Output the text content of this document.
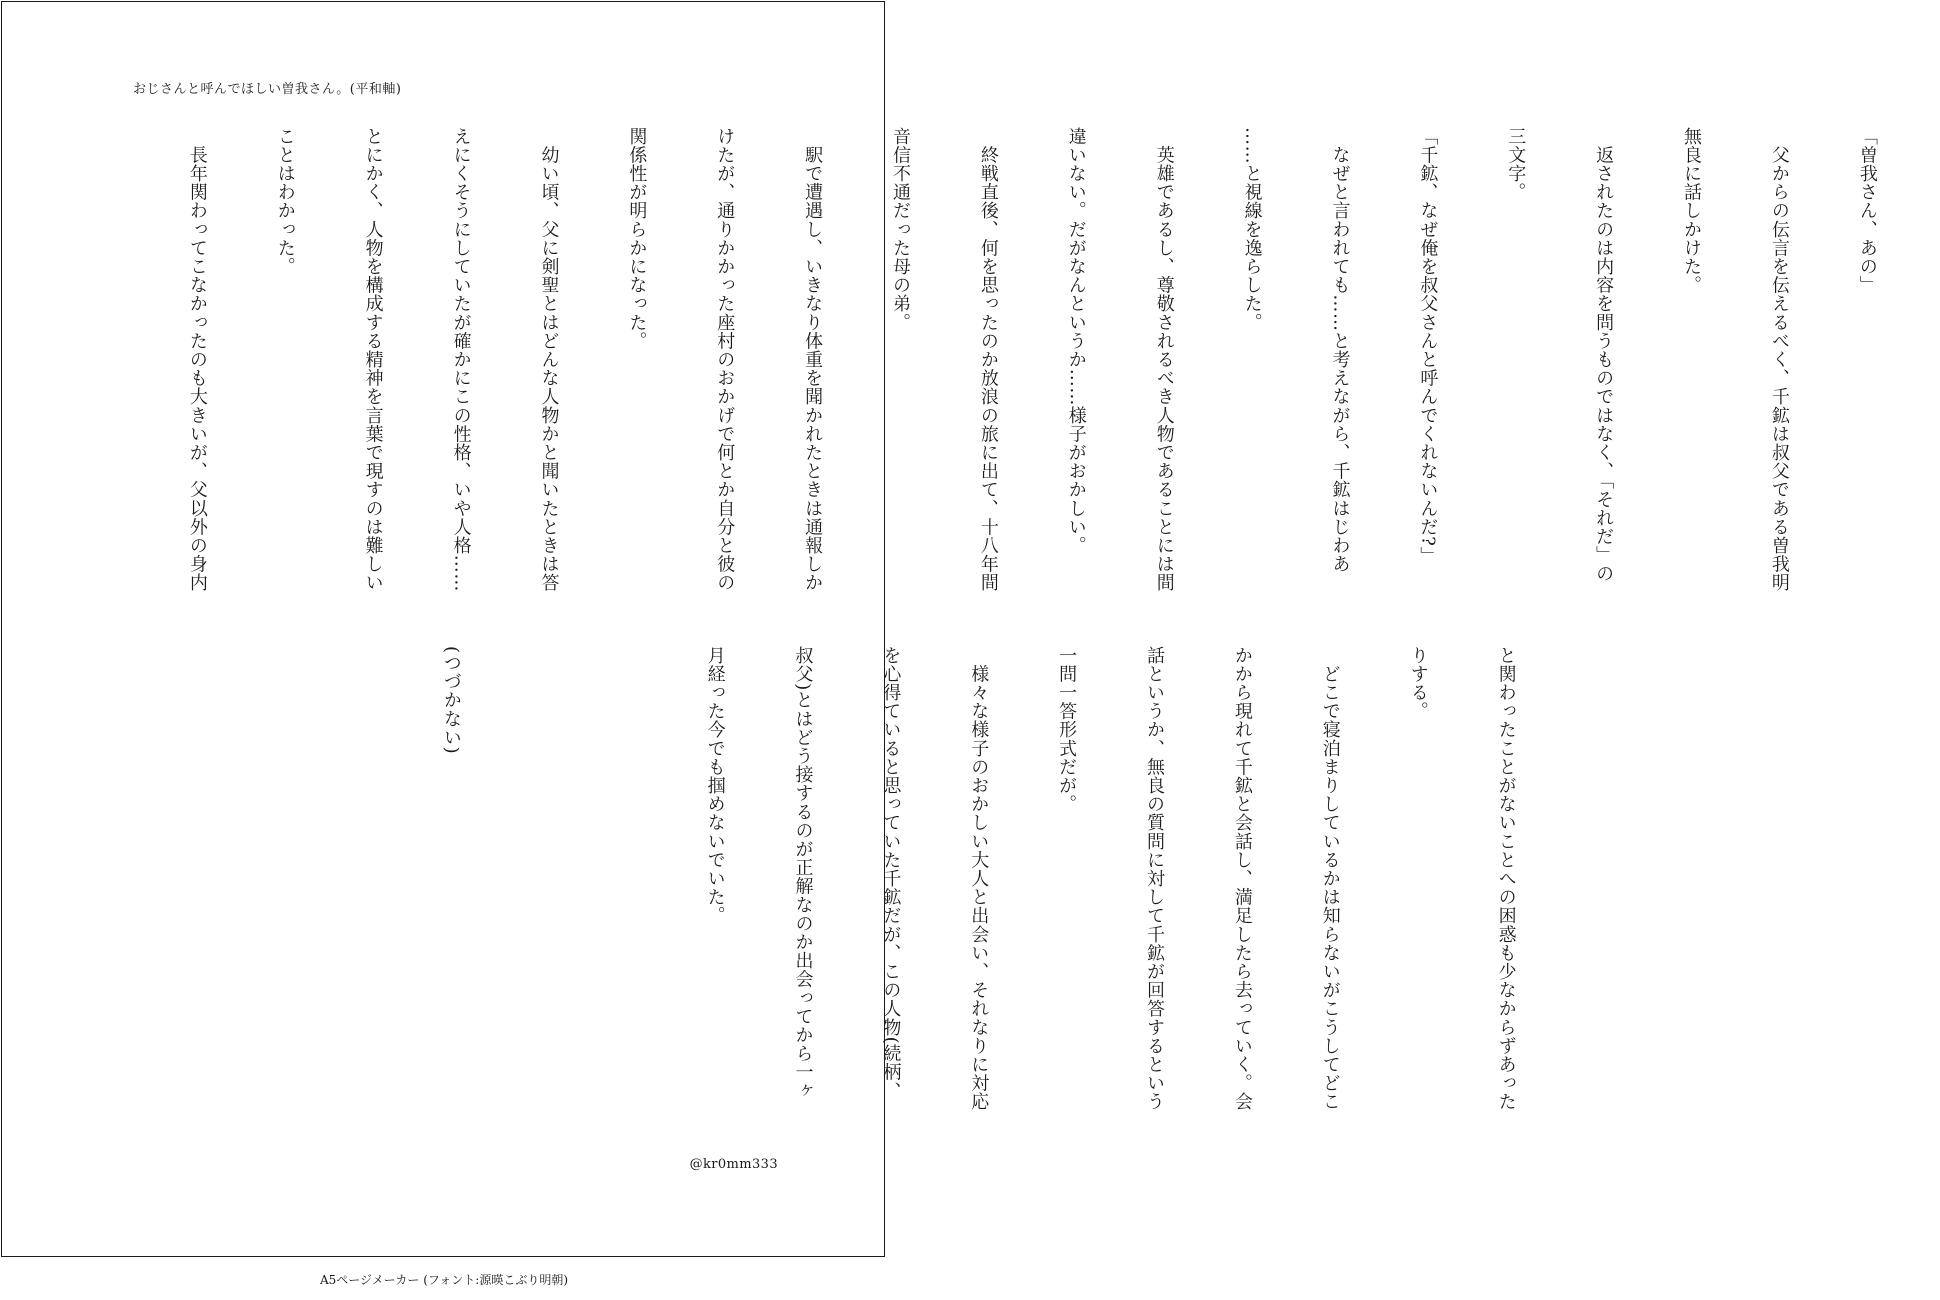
おじさんと呼んでほしい曽我さん。(平和軸)

「曽我さん、あの」

　父からの伝言を伝えるべく、千鉱は叔父である曽我明

無良に話しかけた。

　返されたのは内容を問うものではなく、「それだ」の

三文字。

「千鉱、なぜ俺を叔父さんと呼んでくれないんだ?」

　なぜと言われても……と考えながら、千鉱はじわあ

……と視線を逸らした。

　英雄であるし、尊敬されるべき人物であることには間

違いない。だがなんというか……様子がおかしい。

　終戦直後、何を思ったのか放浪の旅に出て、十八年間

音信不通だった母の弟。

　駅で遭遇し、いきなり体重を聞かれたときは通報しか

けたが、通りかかった座村のおかげで何とか自分と彼の

関係性が明らかになった。

　幼い頃、父に剣聖とはどんな人物かと聞いたときは答

えにくそうにしていたが確かにこの性格、いや人格……

とにかく、人物を構成する精神を言葉で現すのは難しい

ことはわかった。

　長年関わってこなかったのも大きいが、父以外の身内

と関わったことがないことへの困惑も少なからずあった

りする。

　どこで寝泊まりしているかは知らないがこうしてどこ

かから現れて千鉱と会話し、満足したら去っていく。会

話というか、無良の質問に対して千鉱が回答するという

一問一答形式だが。

　様々な様子のおかしい大人と出会い、それなりに対応

を心得ていると思っていた千鉱だが、この人物(続柄、

叔父)とはどう接するのが正解なのか出会ってから一ヶ

月経った今でも掴めないでいた。

(つづかない)

@kr0mm333
A5ページメーカー (フォント:源暎こぶり明朝)
